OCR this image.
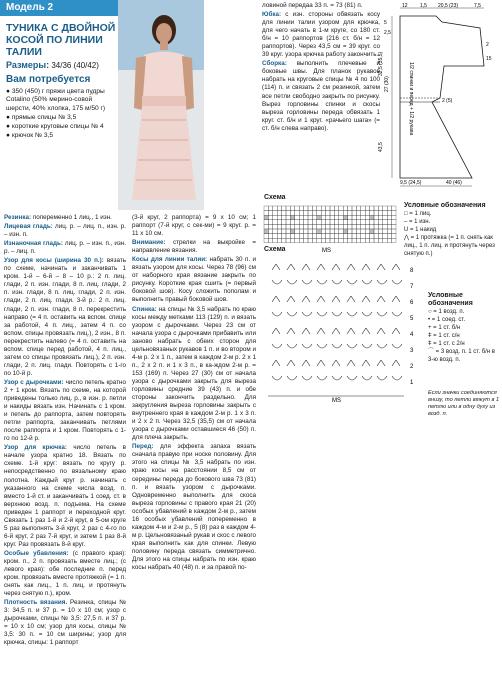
Модель 2
ТУНИКА С ДВОЙНОЙ КОСОЙ ПО ЛИНИИ ТАЛИИ
Размеры: 34/36 (40/42)
Вам потребуется
● 350 (450) г пряжи цвета пудры Cotalino (50% мерино-совой шерсти, 40% хлопка, 175 м/50 г)
● прямые спицы № 3,5
● короткие круговые спицы № 4
● крючок № 3,5

Резинка: попеременно 1 лиц., 1 изн.

Лицевая гладь: лиц. р. – лиц. п., изн. р. – изн. п.

Изнаночная гладь: лиц. р. – изн. п., изн. р. – лиц. п.

Узор для косы (ширина 30 п.): вязать по схеме, начинать и заканчивать 1 кром. 1-й – 6-й – 8 – 10 р.: 2 п. лиц. глади, 2 п. изн. глади, 8 п. лиц. глади, 2 п. изн. глади, 8 п. лиц. глади, 2 п. изн. глади, 2 п. лиц. глади. 3-й р.: 2 п. лиц. глади, 2 п. изн. глади, 8 п. перекрестить направо (= 4 п. оставить на вспом. спице за работой, 4 п. лиц., затем 4 п. со вспом. спицы провязать лиц.), 2 изн., 8 п. перекрестить налево (= 4 п. оставить на вспом. спице перед работой, 4 п. лиц., затем со спицы провязать лиц.), 2 п. изн. глади, 2 п. лиц. глади. Повторять с 1-го по 10-й р.

Узор с дырочками: число петель кратно 2 + 1 кром. Вязать по схеме, на которой приведены только лиц. р., в изн. р. петли и накиды вязать изн. Начинать с 1 кром. и петель до раппорта, затем повторять петли раппорта, заканчивать петлями после раппорта и 1 кром. Повторять с 1-го по 12-й р.

Узор для крючка: число петель в начале узора кратно 18. Вязать по схеме. 1-й круг: вязать по кругу р. непосредственно по вязальному краю полотна. Каждый круг р. начинать с указанного на схеме числа возд. п. вместо 1-й ст. и заканчивать 1 соед. ст. в верхнюю возд. п. подъема. На схеме приведен 1 раппорт и переходной круг. Связать 1 раз 1-й и 2-й круг, в 5-ом круге 5 раз выполнять 3-й круг, 2 раз с 4-го по 6-й круг, 2 раз 7-й круг, и затем 1 раз 8-й круг. Раз провязать 8-й круг.

Особые убавления: (с правого края): кром. п., 2 п. провязать вместе лиц.; (с левого края): обе последние п. перед кром. провязать вместе протяжкой (= 1 п. снять как лиц., 1 п. лиц. и протянуть через снятую п.), кром.

Плотность вязания. Резинка, спицы № 3: 34,5 п. и 37 р. = 10 x 10 см; узор с дырочками, спицы № 3,5: 27,5 п. и 37 р. = 10 x 10 см; узор для косы, спицы № 3,5: 30 п. = 10 см ширины; узор для крючка, спицы: 1 раппорт

(3-й круг, 2 раппорта) = 9 x 10 см; 1 раппорт (7-й круг, с сек-ми) = 9 круг. р. = 11 x 10 см.

Внимание: стрелки на выкройке = направление вязания.

Косы для линии талии: набрать 30 п. и вязать узором для косы. Через 78 (96) см от наборного края вязание закрыть по рисунку. Короткие края сшить (= первый боковой шов). Косу сложить пополам и выполнить правый боковой шов.

Спинка: на спицы № 3,5 набрать по краю косы между метками 113 (129) п. и вязать узором с дырочками. Через 23 см от начала узора с дырочками прибавить или заново набрать с обеих сторон для цельновязаных рукавов 1 п. и во втором и 4-м р. 2 x 1 п., затем в каждом 2-м р. 2 x 1 п., 2 x 2 п. и 1 x 3 п., в ка-ждом 2-м р. = 153 (169) п. Через 27 (30) см от начала узора с дырочками закрыть для выреза горловины средние 39 (43) п. и обе стороны закончить раздельно. Для закругления выреза горловины закрыть с внутреннего края в каждом 2-м р. 1 x 3 п. и 2 x 2 п. Через 32,5 (35,5) см от начала узора с дырочками оставшиеся 46 (50) п. для плеча закрыть.

Перед: для эффекта запаха вязать сначала правую при носке половину. Для этого на спицы № 3,5 набрать по изн. краю косы на расстоянии 8,5 см от середины переда до бокового шва 73 (81) п. и вязать узором с дырочками. Одновременно выполнить для скоса выреза горловины с правого края 21 (20) особых убавлений в каждом 2-м р., затем 16 особых убавлений попеременно в каждом 4-м и 2-м р., 5 (8) раз в каждом 4-м р. Цельновязаный рукав и скос с левого края выполнить как для спинки. Левую половину переда связать симметрично. Для этого на спицы набрать по изн. краю косы набрать 40 (48) п. и за правой по-

ловиной передаa 33 п. = 73 (81) п.

Юбка: с изн. стороны обвязать косу для линии талии узором для крючка, для чего начать в 1-м круге, со 180 ст. б/н = 10 раппортов (216 ст. б/н = 12 раппортов). Через 43,5 см = 39 круг. со 39 круг. узора крючка работу закончить.

Сборка: выполнить плечевые и боковые швы. Для планок рукавов набрать на круговые спицы № 4 по 100 (114) п. и связать 2 см резинкой, затем все петли свободно закрыть по рисунку. Вырез горловины спинки и скосы выреза горловины переда обвязать 1 круг. ст. б/н и 1 круг. «рачьего шага» (= ст. б/н слева направо).	1/2 спинки и перед + 1/2 рукава
12 1,5 20,5 (23)	7,5
5
2,5
2
15
32,5 (35,5)
27 (30)
2 (5)
43,5
9,5 (24,5)	40 (46)
Схема
MS
Условные обозначения
□ = 1 лиц.
– = 1 изн.
U = 1 накид
⋀ = 1 протяжка (= 1 п. снять как лиц., 1 п. лиц. и протянуть через снятую п.)
Схема
8
7
6
5
4
3
2
1
MS
Условные обозначения
○ = 1 возд. п.
• = 1 соед. ст.
+ = 1 ст. б/н
ǂ = 1 ст. с/н
ǂ = 1 ст. с 2/н
⌒ = 3 возд. п. 1 ст. б/н в 3-ю возд. п.
Если значки соединяются внизу, то петли вяжут в 1 петлю или в одну дугу из возд. п.
